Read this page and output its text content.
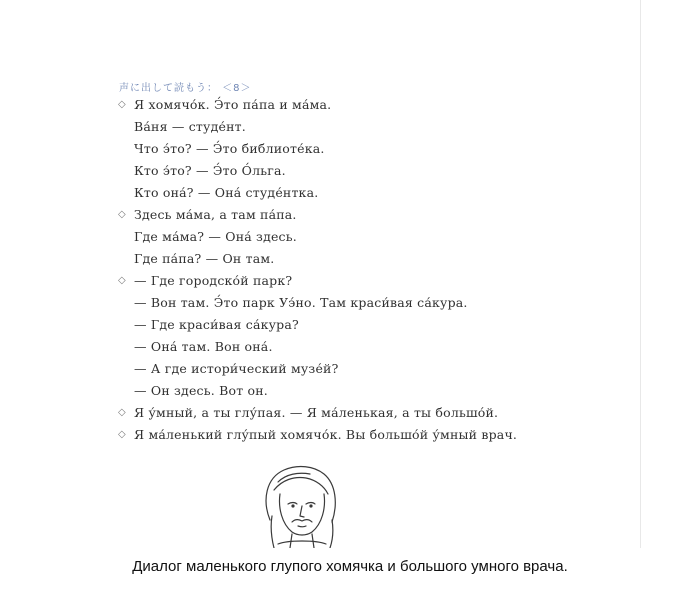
声に出して読もう： ＜8＞
◇ Я хомячо́к. Э́то па́па и ма́ма.
Ва́ня — студе́нт.
Что э́то? — Э́то библиоте́ка.
Кто э́то? — Э́то О́льга.
Кто она́? — Она́ студе́нтка.
◇ Здесь ма́ма, а там па́па.
Где ма́ма? — Она́ здесь.
Где па́па? — Он там.
◇ — Где городско́й парк?
— Вон там. Э́то парк Уэ́но. Там краси́вая са́кура.
— Где краси́вая са́кура?
— Она́ там. Вон она́.
— А где истори́ческий музе́й?
— Он здесь. Вот он.
◇ Я у́мный, а ты глу́пая. — Я ма́ленькая, а ты большо́й.
◇ Я ма́ленький глу́пый хомячо́к. Вы большо́й у́мный врач.
Диалог маленького глупого хомячка и большого умного врача.
